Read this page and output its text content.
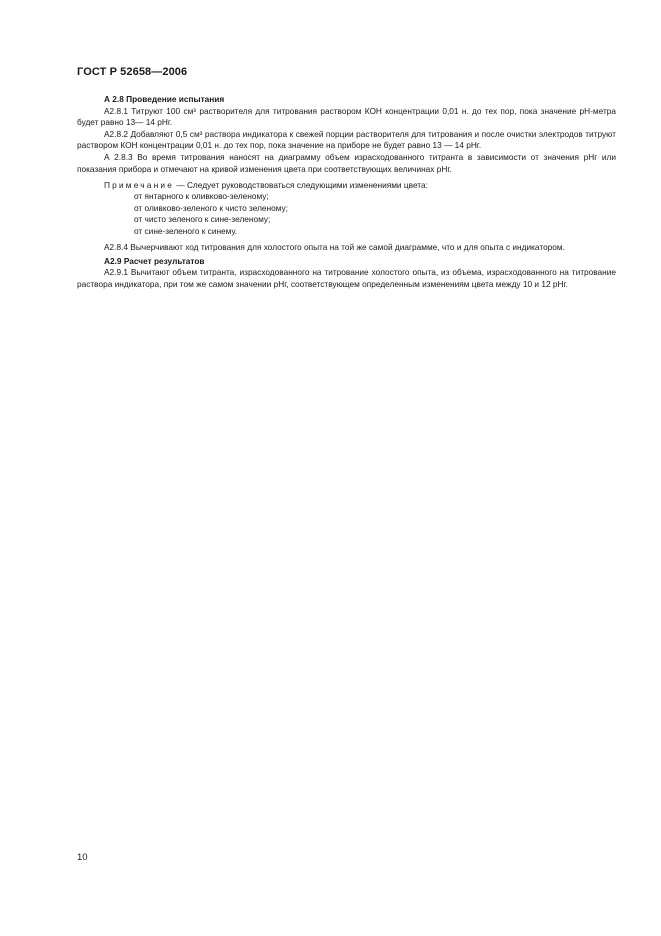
ГОСТ Р 52658—2006

А 2.8 Проведение испытания

А2.8.1 Титруют 100 см³ растворителя для титрования раствором КОН концентрации 0,01 н. до тех пор, пока значение рН-метра будет равно 13— 14 рНг.

А2.8.2 Добавляют 0,5 см³ раствора индикатора к свежей порции растворителя для титрования и после очистки электродов титруют раствором КОН концентрации 0,01 н. до тех пор, пока значение на приборе не будет равно 13 — 14 рНг.

А 2.8.3 Во время титрования наносят на диаграмму объем израсходованного титранта в зависимости от значения рНг или показания прибора и отмечают на кривой изменения цвета при соответствующих величинах рНг.

Примечание — Следует руководствоваться следующими изменениями цвета:

от янтарного к оливково-зеленому;
от оливково-зеленого к чисто зеленому;
от чисто зеленого к сине-зеленому;
от сине-зеленого к синему.

А2.8.4 Вычерчивают ход титрования для холостого опыта на той же самой диаграмме, что и для опыта с индикатором.

А2.9 Расчет результатов

А2.9.1 Вычитают объем титранта, израсходованного на титрование холостого опыта, из объема, израсходованного на титрование раствора индикатора, при том же самом значении рНг, соответствующем определенным изменениям цвета между 10 и 12 рНг.

10
